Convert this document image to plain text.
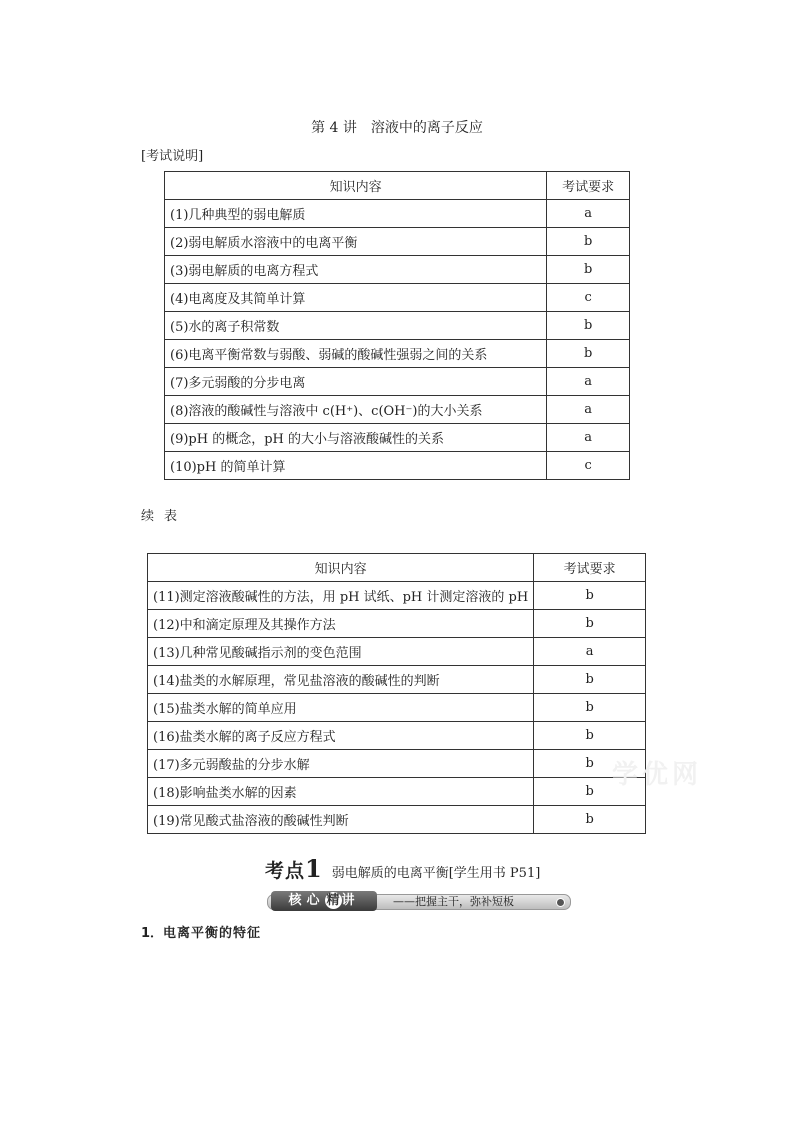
第 4 讲 溶液中的离子反应
[考试说明]
知识内容	考试要求
(1)几种典型的弱电解质	a
(2)弱电解质水溶液中的电离平衡	b
(3)弱电解质的电离方程式	b
(4)电离度及其简单计算	c
(5)水的离子积常数	b
(6)电离平衡常数与弱酸、弱碱的酸碱性强弱之间的关系	b
(7)多元弱酸的分步电离	a
(8)溶液的酸碱性与溶液中 c(H⁺)、c(OH⁻)的大小关系	a
(9)pH 的概念，pH 的大小与溶液酸碱性的关系	a
(10)pH 的简单计算	c
续表
知识内容	考试要求
(11)测定溶液酸碱性的方法，用 pH 试纸、pH 计测定溶液的 pH	b
(12)中和滴定原理及其操作方法	b
(13)几种常见酸碱指示剂的变色范围	a
(14)盐类的水解原理，常见盐溶液的酸碱性的判断	b
(15)盐类水解的简单应用	b
(16)盐类水解的离子反应方程式	b
(17)多元弱酸盐的分步水解	b
(18)影响盐类水解的因素	b
(19)常见酸式盐溶液的酸碱性判断	b
学优网
考点1 弱电解质的电离平衡[学生用书 P51]
核心 精 讲	——把握主干，弥补短板
1．电离平衡的特征
